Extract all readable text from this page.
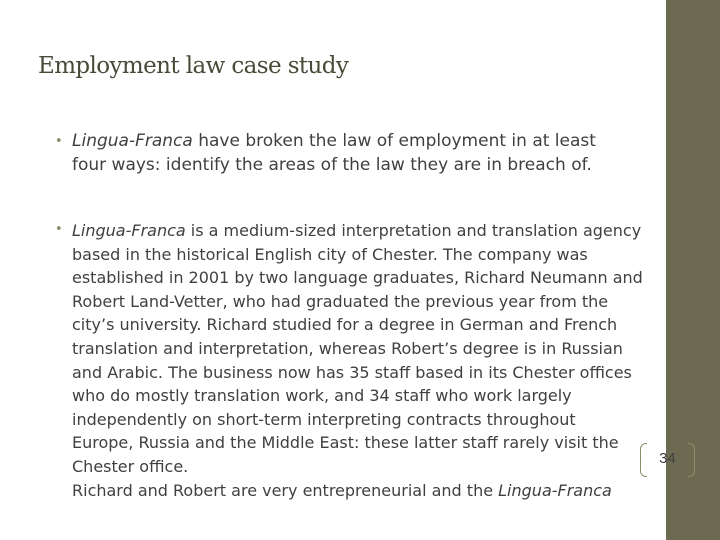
Employment law case study
• Lingua-Franca have broken the law of employment in at least
four ways: identify the areas of the law they are in breach of.
• Lingua-Franca is a medium-sized interpretation and translation agency
based in the historical English city of Chester. The company was
established in 2001 by two language graduates, Richard Neumann and
Robert Land-Vetter, who had graduated the previous year from the
city’s university. Richard studied for a degree in German and French
translation and interpretation, whereas Robert’s degree is in Russian
and Arabic. The business now has 35 staff based in its Chester offices
who do mostly translation work, and 34 staff who work largely
independently on short-term interpreting contracts throughout
Europe, Russia and the Middle East: these latter staff rarely visit the
Chester office.
Richard and Robert are very entrepreneurial and the Lingua-Franca
34
